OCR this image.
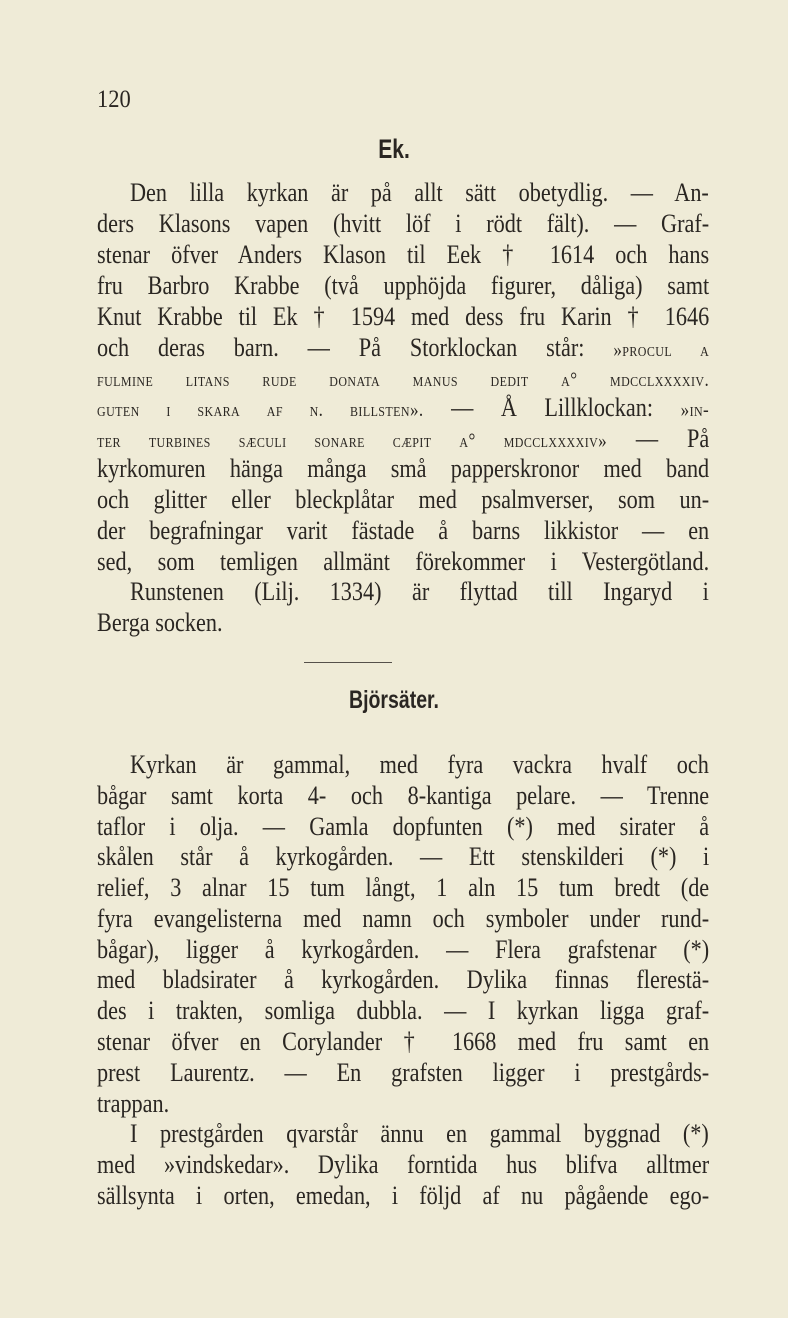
120
Ek.
Den lilla kyrkan är på allt sätt obetydlig. — An-
ders Klasons vapen (hvitt löf i rödt fält). — Graf-
stenar öfver Anders Klason til Eek † 1614 och hans
fru Barbro Krabbe (två upphöjda figurer, dåliga) samt
Knut Krabbe til Ek † 1594 med dess fru Karin † 1646
och deras barn. — På Storklockan står: »procul a
fulmine litans rude donata manus dedit a° mdcclxxxxiv.
guten i skara af n. billsten». — Å Lillklockan: »in-
ter turbines sæculi sonare cæpit a° mdcclxxxxiv» — På
kyrkomuren hänga många små papperskronor med band
och glitter eller bleckplåtar med psalmverser, som un-
der begrafningar varit fästade å barns likkistor — en
sed, som temligen allmänt förekommer i Vestergötland.
Runstenen (Lilj. 1334) är flyttad till Ingaryd i
Berga socken.
Björsäter.
Kyrkan är gammal, med fyra vackra hvalf och
bågar samt korta 4- och 8-kantiga pelare. — Trenne
taflor i olja. — Gamla dopfunten (*) med sirater å
skålen står å kyrkogården. — Ett stenskilderi (*) i
relief, 3 alnar 15 tum långt, 1 aln 15 tum bredt (de
fyra evangelisterna med namn och symboler under rund-
bågar), ligger å kyrkogården. — Flera grafstenar (*)
med bladsirater å kyrkogården. Dylika finnas flerestä-
des i trakten, somliga dubbla. — I kyrkan ligga graf-
stenar öfver en Corylander † 1668 med fru samt en
prest Laurentz. — En grafsten ligger i prestgårds-
trappan.
I prestgården qvarstår ännu en gammal byggnad (*)
med »vindskedar». Dylika forntida hus blifva alltmer
sällsynta i orten, emedan, i följd af nu pågående ego-
